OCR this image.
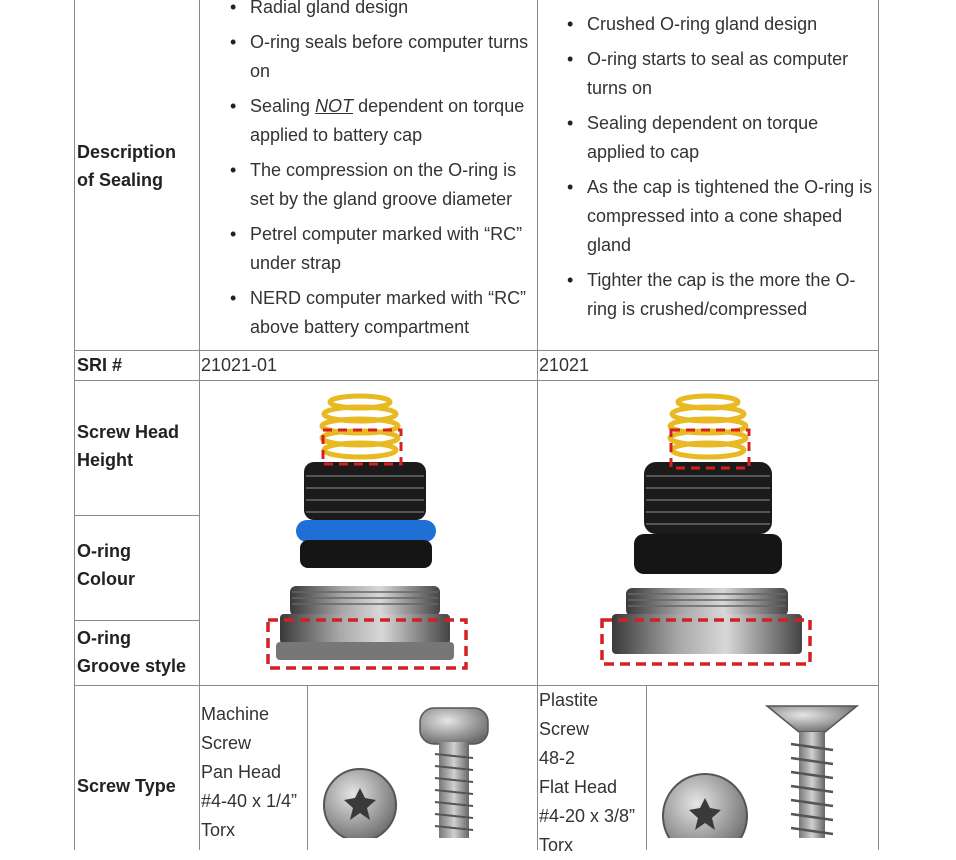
Description of Sealing
• Radial gland design
• O-ring seals before computer turns on
• Sealing NOT dependent on torque applied to battery cap
• The compression on the O-ring is set by the gland groove diameter
• Petrel computer marked with “RC” under strap
• NERD computer marked with “RC” above battery compartment
• Crushed O-ring gland design
• O-ring starts to seal as computer turns on
• Sealing dependent on torque applied to cap
• As the cap is tightened the O-ring is compressed into a cone shaped gland
• Tighter the cap is the more the O-ring is crushed/compressed
SRI #	21021-01	21021
Screw Head Height
O-ring Colour
O-ring Groove style
Screw Type
Machine
Screw
Pan Head
#4-40 x 1/4”
Torx
Plastite
Screw
48-2
Flat Head
#4-20 x 3/8”
Torx
